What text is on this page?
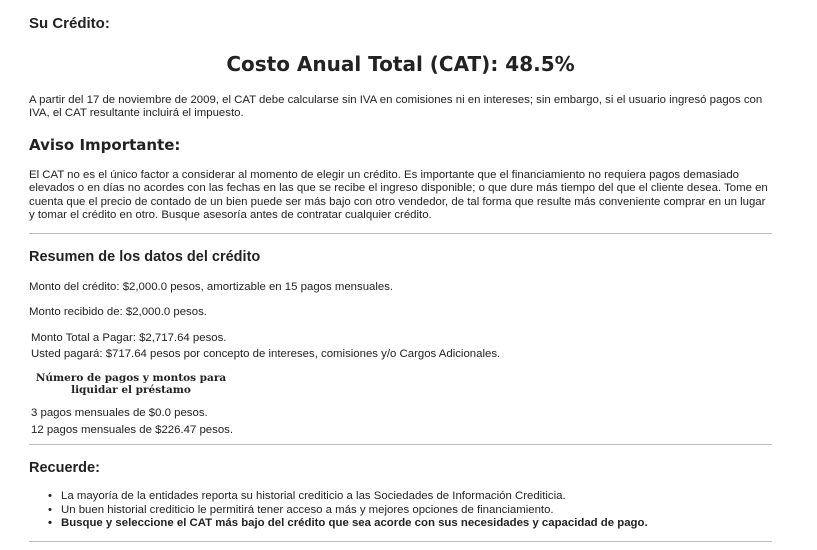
Su Crédito:
Costo Anual Total (CAT): 48.5%
A partir del 17 de noviembre de 2009, el CAT debe calcularse sin IVA en comisiones ni en intereses; sin embargo, si el usuario ingresó pagos con IVA, el CAT resultante incluirá el impuesto.
Aviso Importante:
El CAT no es el único factor a considerar al momento de elegir un crédito. Es importante que el financiamiento no requiera pagos demasiado elevados o en días no acordes con las fechas en las que se recibe el ingreso disponible; o que dure más tiempo del que el cliente desea. Tome en cuenta que el precio de contado de un bien puede ser más bajo con otro vendedor, de tal forma que resulte más conveniente comprar en un lugar y tomar el crédito en otro. Busque asesoría antes de contratar cualquier crédito.
Resumen de los datos del crédito
Monto del crédito: $2,000.0 pesos, amortizable en 15 pagos mensuales.
Monto recibido de: $2,000.0 pesos.
Monto Total a Pagar: $2,717.64 pesos.
Usted pagará: $717.64 pesos por concepto de intereses, comisiones y/o Cargos Adicionales.
Número de pagos y montos para
liquidar el préstamo
3 pagos mensuales de $0.0 pesos.
12 pagos mensuales de $226.47 pesos.
Recuerde:
• La mayoría de la entidades reporta su historial crediticio a las Sociedades de Información Crediticia.
• Un buen historial crediticio le permitirá tener acceso a más y mejores opciones de financiamiento.
• Busque y seleccione el CAT más bajo del crédito que sea acorde con sus necesidades y capacidad de pago.
